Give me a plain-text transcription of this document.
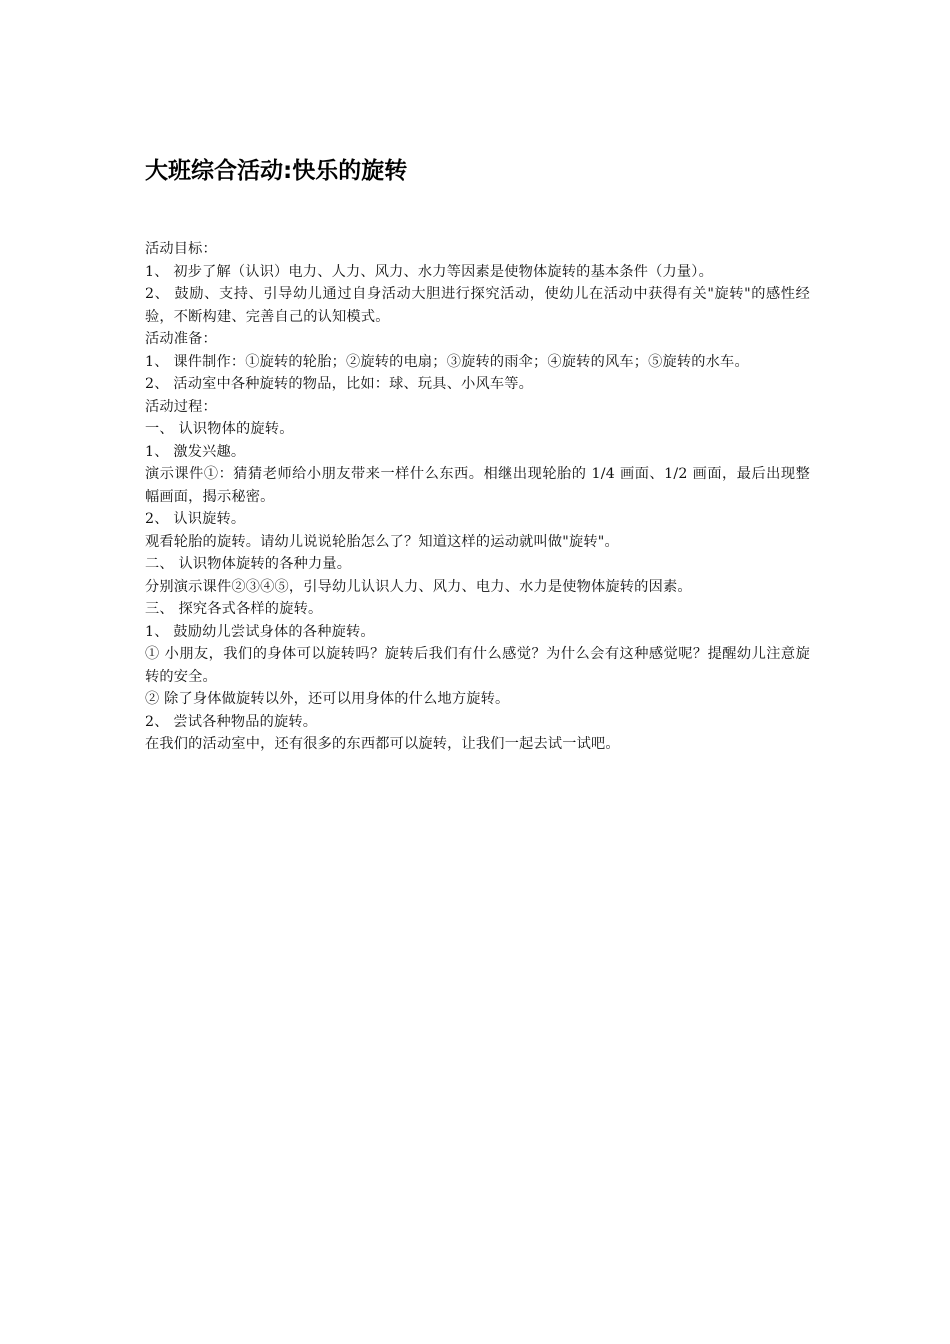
大班综合活动:快乐的旋转

活动目标：

1、 初步了解（认识）电力、人力、风力、水力等因素是使物体旋转的基本条件（力量）。

2、 鼓励、支持、引导幼儿通过自身活动大胆进行探究活动，使幼儿在活动中获得有关"旋转"的感性经验，不断构建、完善自己的认知模式。

活动准备：

1、 课件制作：①旋转的轮胎；②旋转的电扇；③旋转的雨伞；④旋转的风车；⑤旋转的水车。

2、 活动室中各种旋转的物品，比如：球、玩具、小风车等。

活动过程：

一、 认识物体的旋转。

1、 激发兴趣。

演示课件①：猜猜老师给小朋友带来一样什么东西。相继出现轮胎的 1/4 画面、1/2 画面，最后出现整幅画面，揭示秘密。

2、 认识旋转。

观看轮胎的旋转。请幼儿说说轮胎怎么了？知道这样的运动就叫做"旋转"。

二、 认识物体旋转的各种力量。

分别演示课件②③④⑤，引导幼儿认识人力、风力、电力、水力是使物体旋转的因素。

三、 探究各式各样的旋转。

1、 鼓励幼儿尝试身体的各种旋转。

① 小朋友，我们的身体可以旋转吗？旋转后我们有什么感觉？为什么会有这种感觉呢？提醒幼儿注意旋转的安全。

② 除了身体做旋转以外，还可以用身体的什么地方旋转。

2、 尝试各种物品的旋转。

在我们的活动室中，还有很多的东西都可以旋转，让我们一起去试一试吧。
